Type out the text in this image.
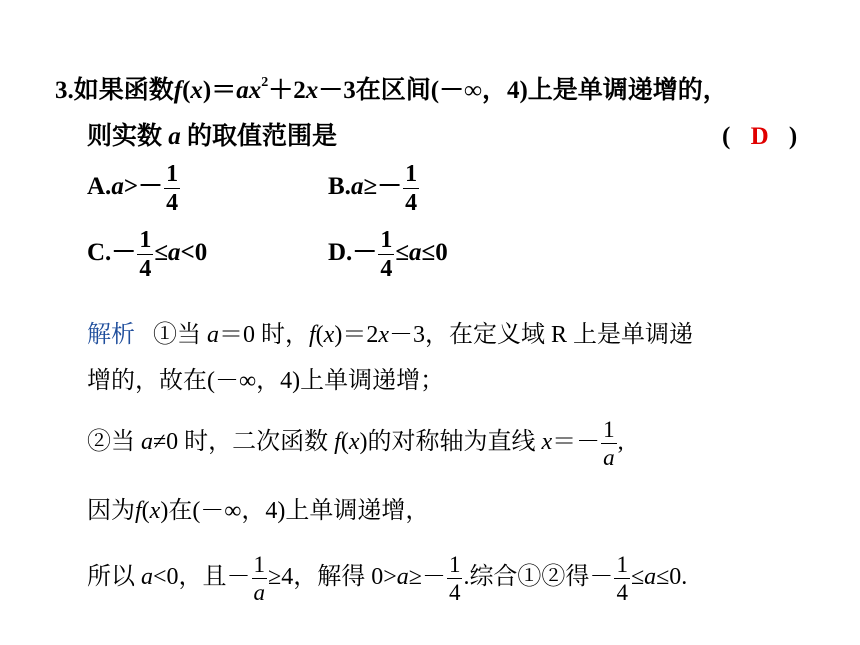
3.如果函数$f(x)=ax^2+2x-3$在区间(－∞，4)上是单调递增的，
则实数 a 的取值范围是	( D )
$A.a>- \frac{1}{4}$	$B.a\ge- \frac{1}{4}$
$C.- \frac{1}{4} \le a<0$	$D.- \frac{1}{4} \le a\le 0$
解析 ①当 a＝0 时，f(x)＝2x－3，在定义域 R 上是单调递
增的，故在(－∞，4)上单调递增；
②当 a≠0 时，二次函数 f(x)的对称轴为直线 $x=- \frac{1}{a}$ ,
因为f(x)在(－∞，4)上单调递增，
所以 a<0，且－ $\frac{1}{a} \ge 4$，解得 $0>a\ge- \frac{1}{4}$ .综合①②得－ $\frac{1}{4} \le a\le 0$.
